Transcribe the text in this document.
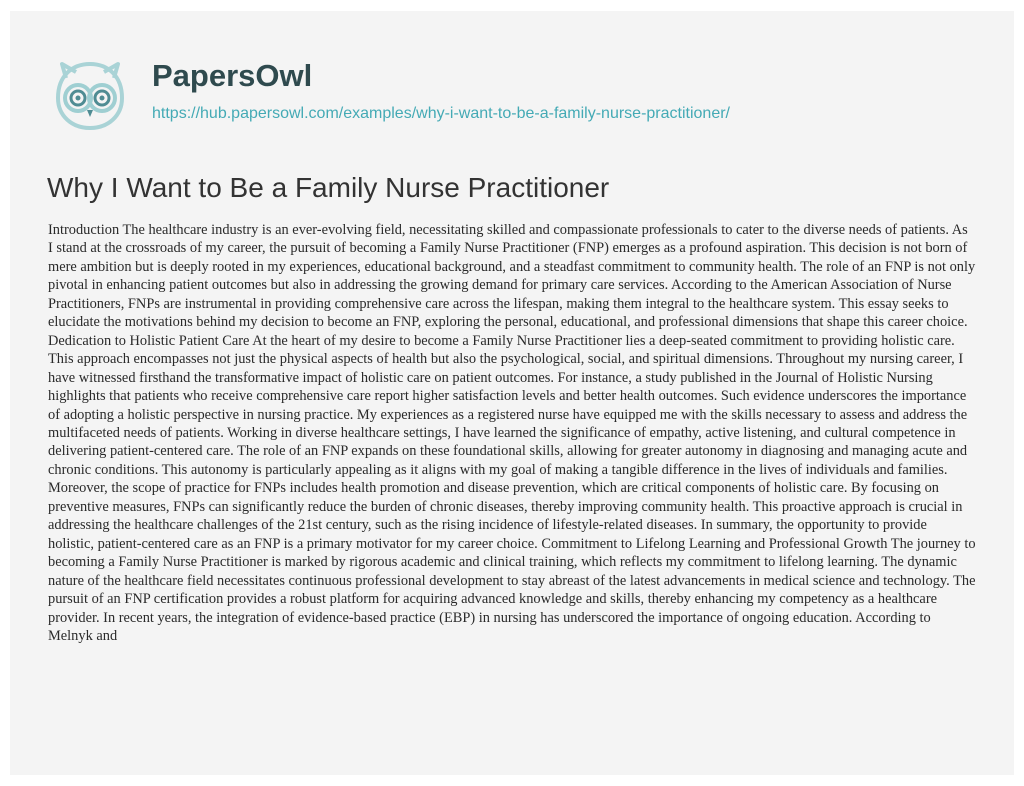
PapersOwl
https://hub.papersowl.com/examples/why-i-want-to-be-a-family-nurse-practitioner/
Why I Want to Be a Family Nurse Practitioner

Introduction The healthcare industry is an ever-evolving field, necessitating skilled and compassionate professionals to cater to the diverse needs of patients. As I stand at the crossroads of my career, the pursuit of becoming a Family Nurse Practitioner (FNP) emerges as a profound aspiration. This decision is not born of mere ambition but is deeply rooted in my experiences, educational background, and a steadfast commitment to community health. The role of an FNP is not only pivotal in enhancing patient outcomes but also in addressing the growing demand for primary care services. According to the American Association of Nurse Practitioners, FNPs are instrumental in providing comprehensive care across the lifespan, making them integral to the healthcare system. This essay seeks to elucidate the motivations behind my decision to become an FNP, exploring the personal, educational, and professional dimensions that shape this career choice. Dedication to Holistic Patient Care At the heart of my desire to become a Family Nurse Practitioner lies a deep-seated commitment to providing holistic care. This approach encompasses not just the physical aspects of health but also the psychological, social, and spiritual dimensions. Throughout my nursing career, I have witnessed firsthand the transformative impact of holistic care on patient outcomes. For instance, a study published in the Journal of Holistic Nursing highlights that patients who receive comprehensive care report higher satisfaction levels and better health outcomes. Such evidence underscores the importance of adopting a holistic perspective in nursing practice. My experiences as a registered nurse have equipped me with the skills necessary to assess and address the multifaceted needs of patients. Working in diverse healthcare settings, I have learned the significance of empathy, active listening, and cultural competence in delivering patient-centered care. The role of an FNP expands on these foundational skills, allowing for greater autonomy in diagnosing and managing acute and chronic conditions. This autonomy is particularly appealing as it aligns with my goal of making a tangible difference in the lives of individuals and families. Moreover, the scope of practice for FNPs includes health promotion and disease prevention, which are critical components of holistic care. By focusing on preventive measures, FNPs can significantly reduce the burden of chronic diseases, thereby improving community health. This proactive approach is crucial in addressing the healthcare challenges of the 21st century, such as the rising incidence of lifestyle-related diseases. In summary, the opportunity to provide holistic, patient-centered care as an FNP is a primary motivator for my career choice. Commitment to Lifelong Learning and Professional Growth The journey to becoming a Family Nurse Practitioner is marked by rigorous academic and clinical training, which reflects my commitment to lifelong learning. The dynamic nature of the healthcare field necessitates continuous professional development to stay abreast of the latest advancements in medical science and technology. The pursuit of an FNP certification provides a robust platform for acquiring advanced knowledge and skills, thereby enhancing my competency as a healthcare provider. In recent years, the integration of evidence-based practice (EBP) in nursing has underscored the importance of ongoing education. According to Melnyk and
